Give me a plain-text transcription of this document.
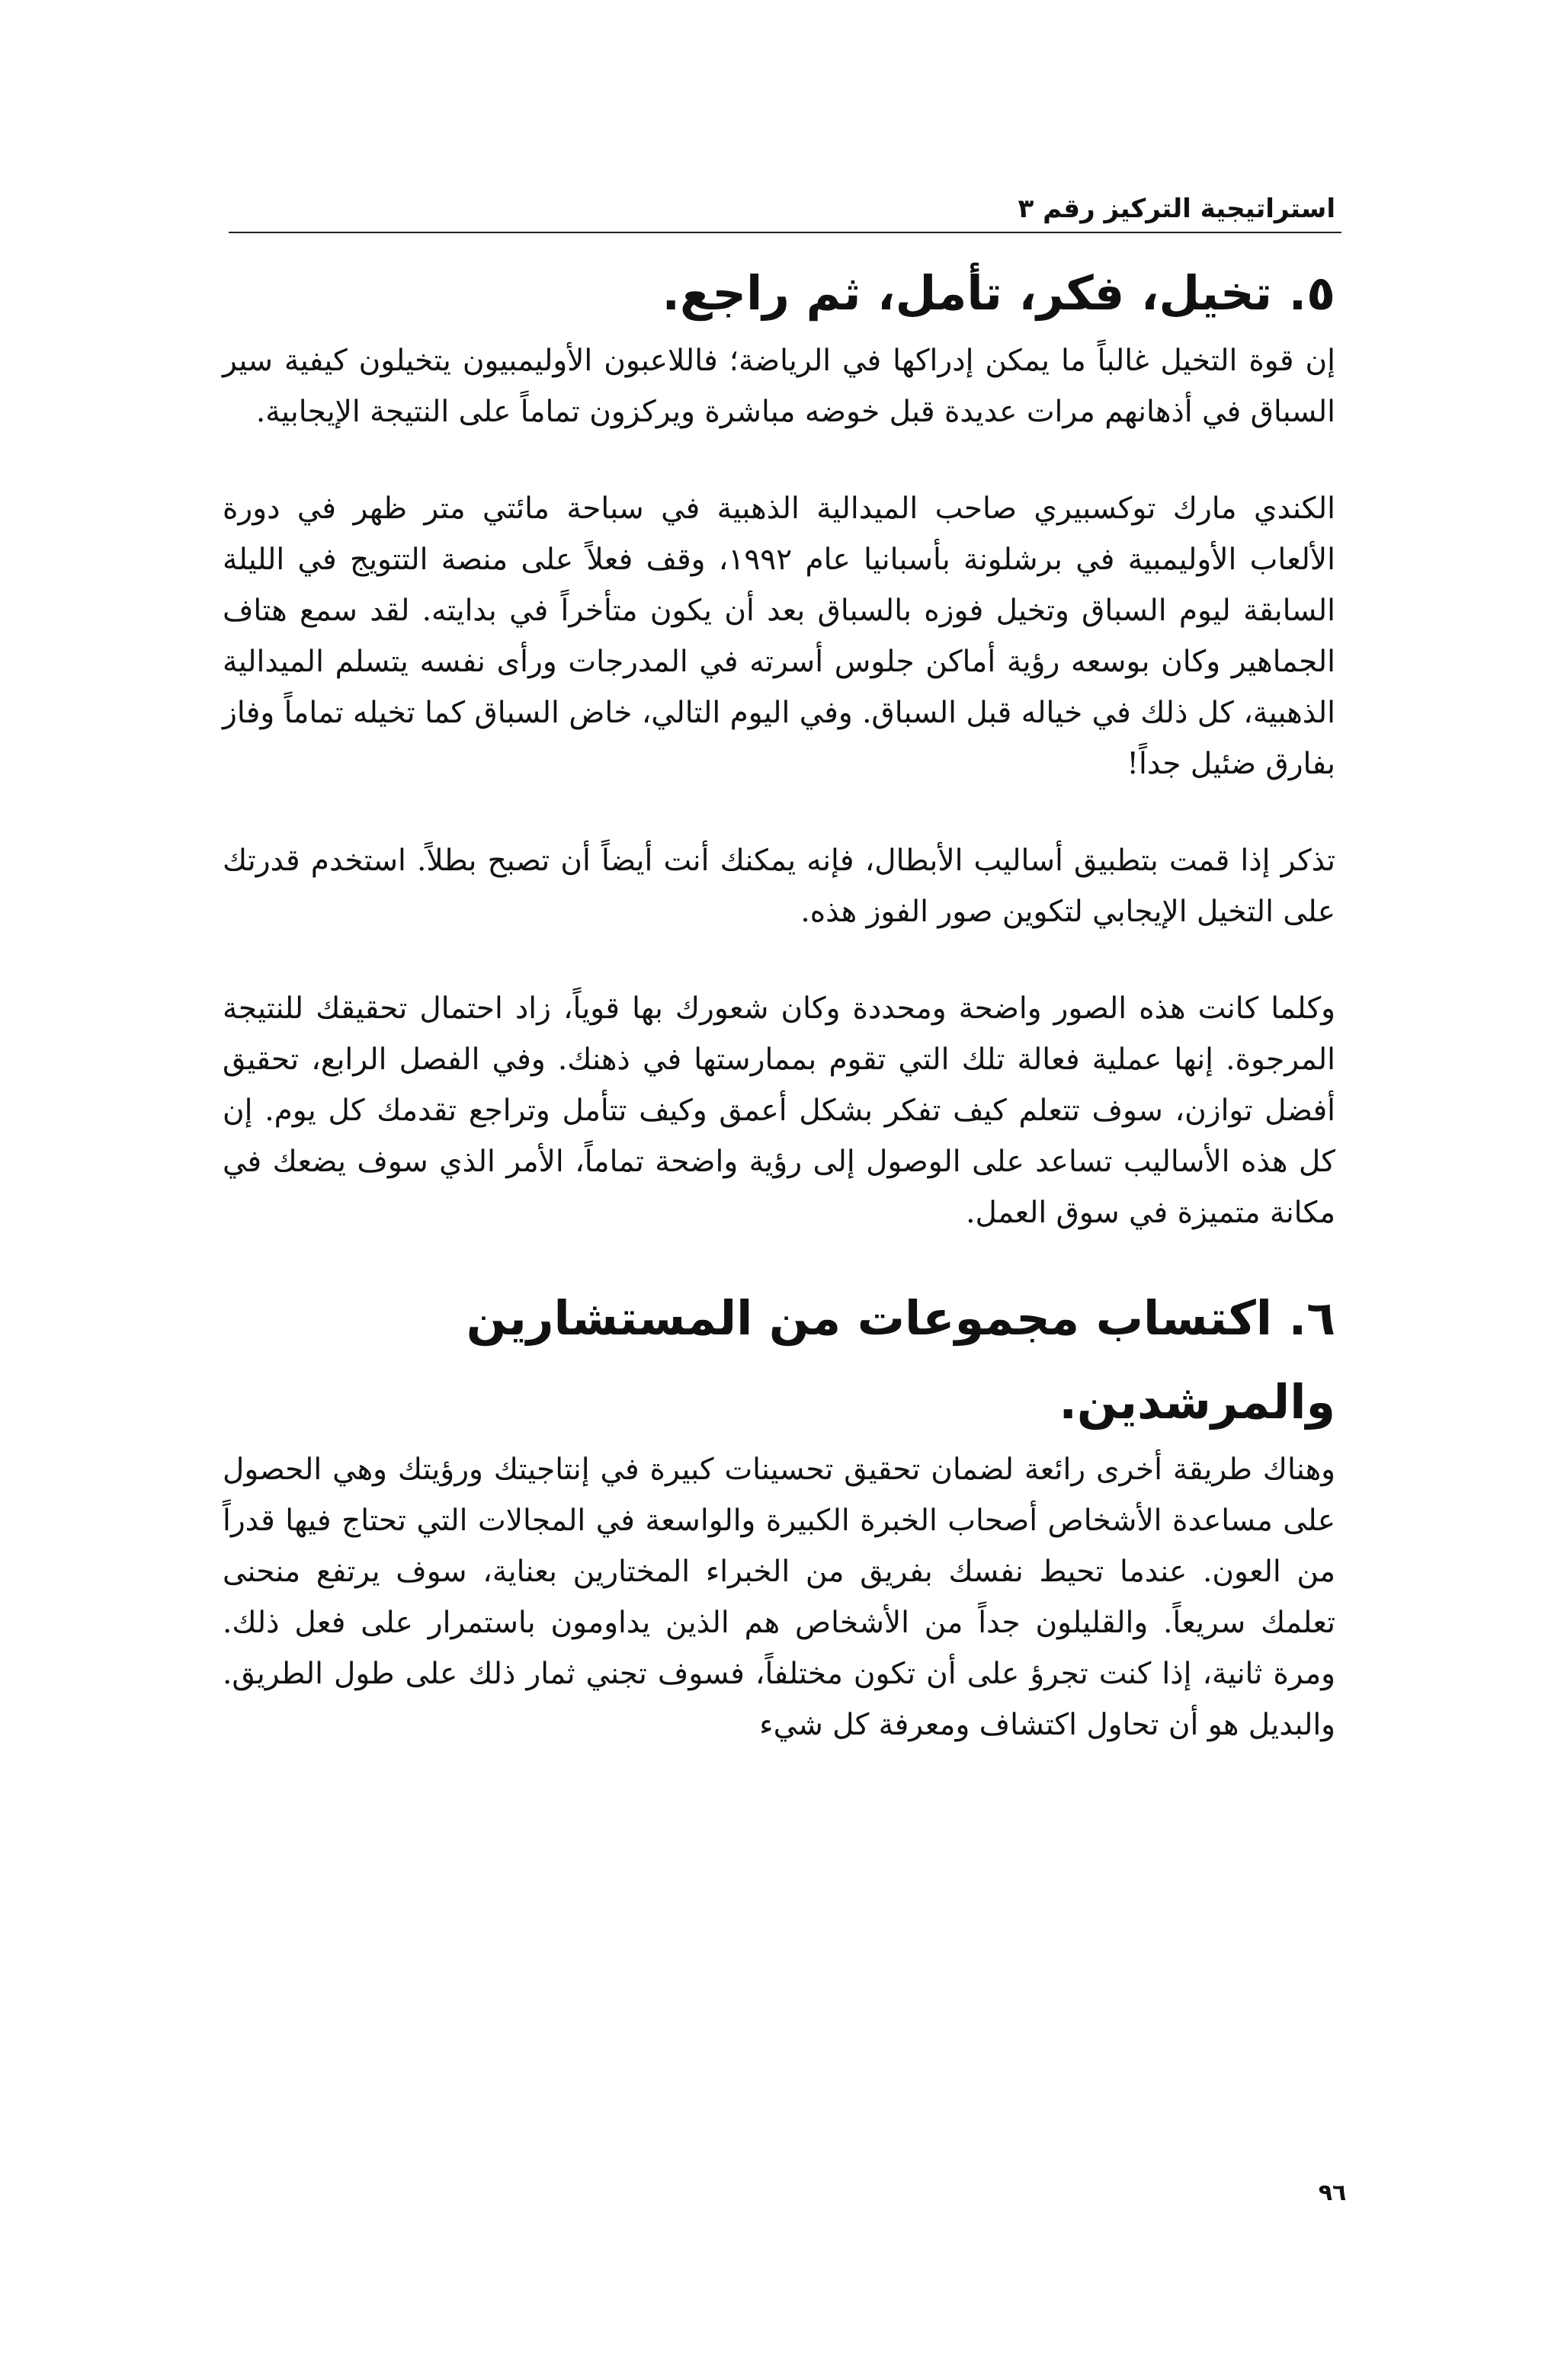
استراتيجية التركيز رقم ٣
٥. تخيل، فكر، تأمل، ثم راجع.

إن قوة التخيل غالباً ما يمكن إدراكها في الرياضة؛ فاللاعبون الأوليمبيون يتخيلون كيفية سير السباق في أذهانهم مرات عديدة قبل خوضه مباشرة ويركزون تماماً على النتيجة الإيجابية.

الكندي مارك توكسبيري صاحب الميدالية الذهبية في سباحة مائتي متر ظهر في دورة الألعاب الأوليمبية في برشلونة بأسبانيا عام ١٩٩٢، وقف فعلاً على منصة التتويج في الليلة السابقة ليوم السباق وتخيل فوزه بالسباق بعد أن يكون متأخراً في بدايته. لقد سمع هتاف الجماهير وكان بوسعه رؤية أماكن جلوس أسرته في المدرجات ورأى نفسه يتسلم الميدالية الذهبية، كل ذلك في خياله قبل السباق. وفي اليوم التالي، خاض السباق كما تخيله تماماً وفاز بفارق ضئيل جداً!

تذكر إذا قمت بتطبيق أساليب الأبطال، فإنه يمكنك أنت أيضاً أن تصبح بطلاً. استخدم قدرتك على التخيل الإيجابي لتكوين صور الفوز هذه.

وكلما كانت هذه الصور واضحة ومحددة وكان شعورك بها قوياً، زاد احتمال تحقيقك للنتيجة المرجوة. إنها عملية فعالة تلك التي تقوم بممارستها في ذهنك. وفي الفصل الرابع، تحقيق أفضل توازن، سوف تتعلم كيف تفكر بشكل أعمق وكيف تتأمل وتراجع تقدمك كل يوم. إن كل هذه الأساليب تساعد على الوصول إلى رؤية واضحة تماماً، الأمر الذي سوف يضعك في مكانة متميزة في سوق العمل.

٦. اكتساب مجموعات من المستشارين والمرشدين.

وهناك طريقة أخرى رائعة لضمان تحقيق تحسينات كبيرة في إنتاجيتك ورؤيتك وهي الحصول على مساعدة الأشخاص أصحاب الخبرة الكبيرة والواسعة في المجالات التي تحتاج فيها قدراً من العون. عندما تحيط نفسك بفريق من الخبراء المختارين بعناية، سوف يرتفع منحنى تعلمك سريعاً. والقليلون جداً من الأشخاص هم الذين يداومون باستمرار على فعل ذلك. ومرة ثانية، إذا كنت تجرؤ على أن تكون مختلفاً، فسوف تجني ثمار ذلك على طول الطريق. والبديل هو أن تحاول اكتشاف ومعرفة كل شيء

٩٦
